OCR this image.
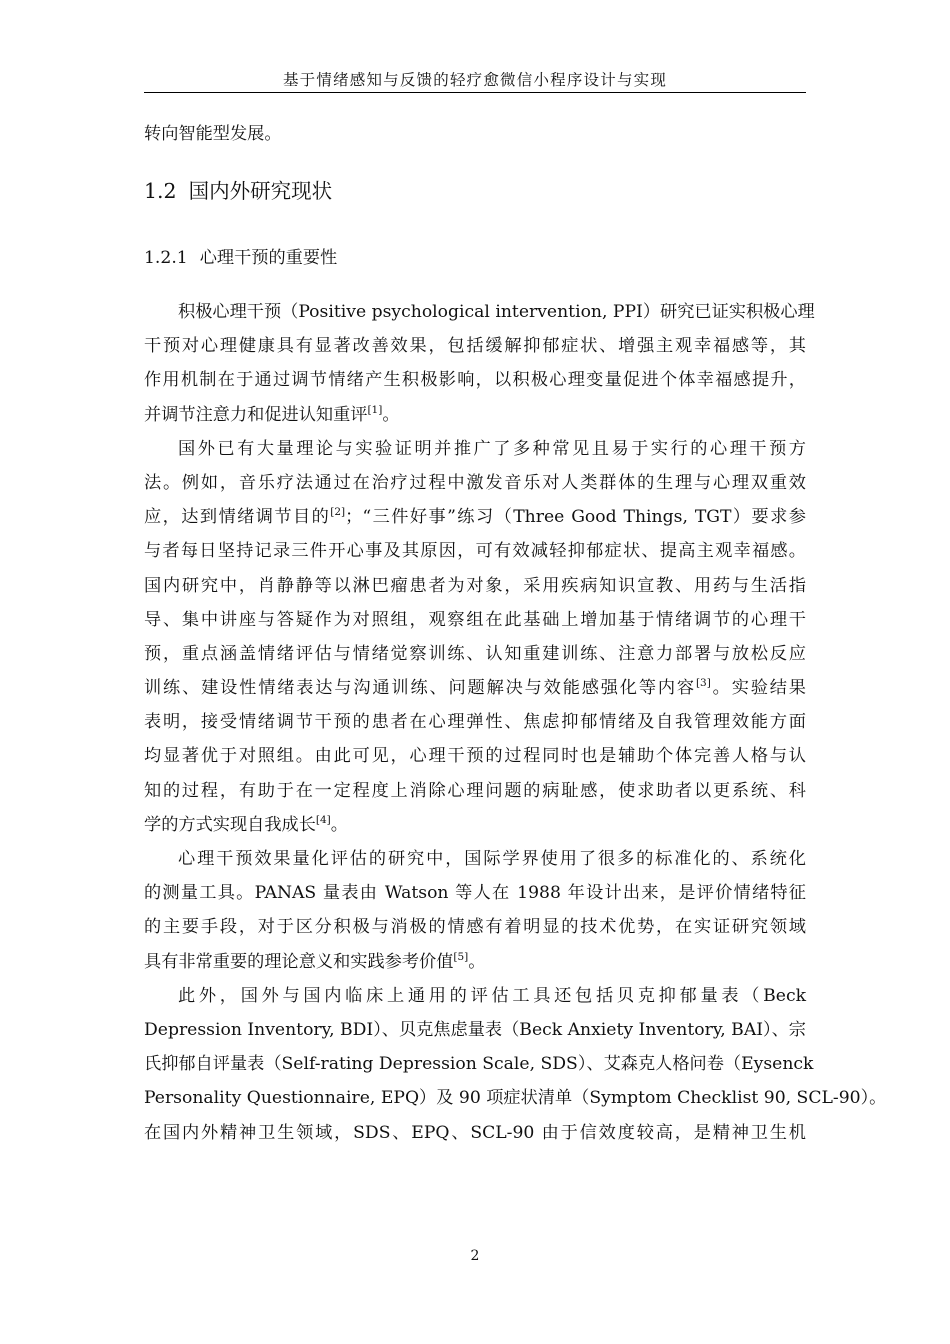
基于情绪感知与反馈的轻疗愈微信小程序设计与实现
转向智能型发展。
1.2 国内外研究现状
1.2.1 心理干预的重要性
积极心理干预（Positive psychological intervention, PPI）研究已证实积极心理
干预对心理健康具有显著改善效果，包括缓解抑郁症状、增强主观幸福感等，其
作用机制在于通过调节情绪产生积极影响，以积极心理变量促进个体幸福感提升，
并调节注意力和促进认知重评[1]。
国外已有大量理论与实验证明并推广了多种常见且易于实行的心理干预方
法。例如，音乐疗法通过在治疗过程中激发音乐对人类群体的生理与心理双重效
应，达到情绪调节目的[2]；“三件好事”练习（Three Good Things, TGT）要求参
与者每日坚持记录三件开心事及其原因，可有效减轻抑郁症状、提高主观幸福感。
国内研究中，肖静静等以淋巴瘤患者为对象，采用疾病知识宣教、用药与生活指
导、集中讲座与答疑作为对照组，观察组在此基础上增加基于情绪调节的心理干
预，重点涵盖情绪评估与情绪觉察训练、认知重建训练、注意力部署与放松反应
训练、建设性情绪表达与沟通训练、问题解决与效能感强化等内容[3]。实验结果
表明，接受情绪调节干预的患者在心理弹性、焦虑抑郁情绪及自我管理效能方面
均显著优于对照组。由此可见，心理干预的过程同时也是辅助个体完善人格与认
知的过程，有助于在一定程度上消除心理问题的病耻感，使求助者以更系统、科
学的方式实现自我成长[4]。
心理干预效果量化评估的研究中，国际学界使用了很多的标准化的、系统化
的测量工具。PANAS 量表由 Watson 等人在 1988 年设计出来，是评价情绪特征
的主要手段，对于区分积极与消极的情感有着明显的技术优势，在实证研究领域
具有非常重要的理论意义和实践参考价值[5]。
此外，国外与国内临床上通用的评估工具还包括贝克抑郁量表（Beck
Depression Inventory, BDI）、贝克焦虑量表（Beck Anxiety Inventory, BAI）、宗
氏抑郁自评量表（Self-rating Depression Scale, SDS）、艾森克人格问卷（Eysenck
Personality Questionnaire, EPQ）及 90 项症状清单（Symptom Checklist 90, SCL-90）。
在国内外精神卫生领域，SDS、EPQ、SCL-90 由于信效度较高，是精神卫生机
2
